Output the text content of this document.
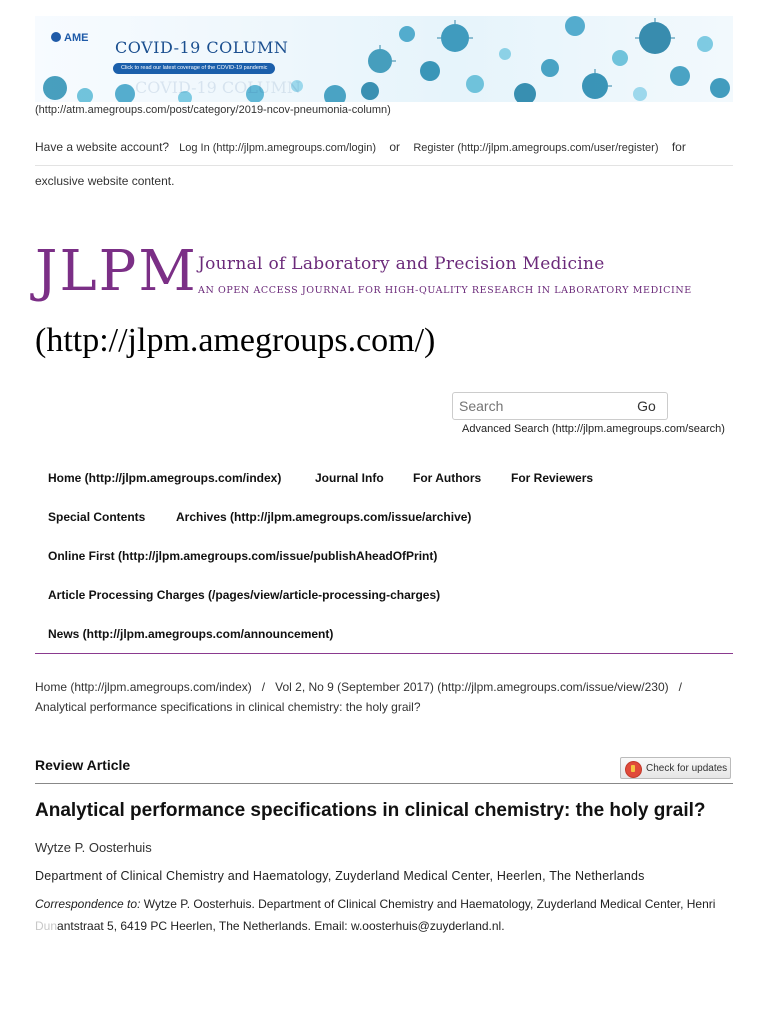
AME COVID-19 COLUMN
Click to read our latest coverage of the COVID-19 pandemic
COVID-19 COLUMN
(http://atm.amegroups.com/post/category/2019-ncov-pneumonia-column)
Have a website account? Log In (http://jlpm.amegroups.com/login) or Register (http://jlpm.amegroups.com/user/register) for
exclusive website content.
JLPM Journal of Laboratory and Precision Medicine
AN OPEN ACCESS JOURNAL FOR HIGH-QUALITY RESEARCH IN LABORATORY MEDICINE
(http://jlpm.amegroups.com/)
Search
Go
Advanced Search (http://jlpm.amegroups.com/search)
Home (http://jlpm.amegroups.com/index)	Journal Info For Authors For Reviewers
Special Contents	Archives (http://jlpm.amegroups.com/issue/archive)
Online First (http://jlpm.amegroups.com/issue/publishAheadOfPrint)
Article Processing Charges (/pages/view/article-processing-charges)
News (http://jlpm.amegroups.com/announcement)
Home (http://jlpm.amegroups.com/index) / Vol 2, No 9 (September 2017) (http://jlpm.amegroups.com/issue/view/230) /
Analytical performance specifications in clinical chemistry: the holy grail?
Review Article	Check for updates
Analytical performance specifications in clinical chemistry: the holy grail?
Wytze P. Oosterhuis
Department of Clinical Chemistry and Haematology, Zuyderland Medical Center, Heerlen, The Netherlands
Correspondence to: Wytze P. Oosterhuis. Department of Clinical Chemistry and Haematology, Zuyderland Medical Center, Henri
Dunantstraat 5, 6419 PC Heerlen, The Netherlands. Email: w.oosterhuis@zuyderland.nl.
